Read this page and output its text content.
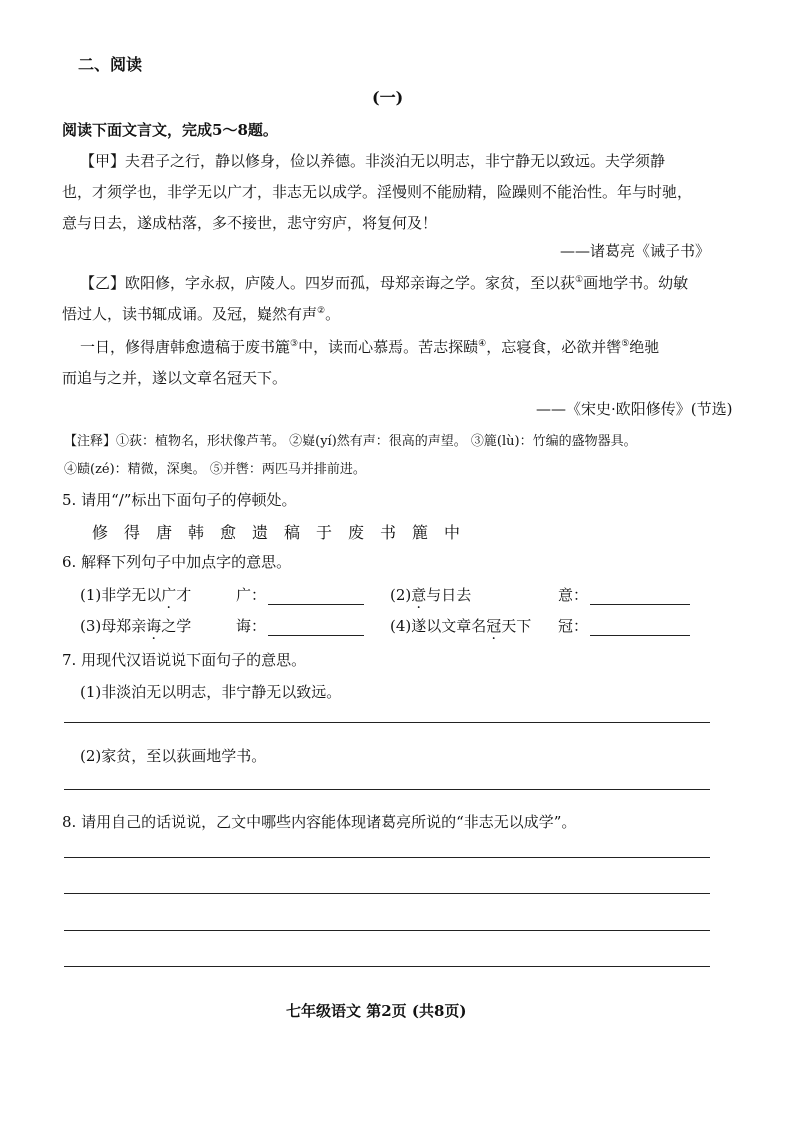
二、阅读
(一)
阅读下面文言文，完成5～8题。
【甲】夫君子之行，静以修身，俭以养德。非淡泊无以明志，非宁静无以致远。夫学须静
也，才须学也，非学无以广才，非志无以成学。淫慢则不能励精，险躁则不能治性。年与时驰，
意与日去，遂成枯落，多不接世，悲守穷庐，将复何及！
——诸葛亮《诫子书》
【乙】欧阳修，字永叔，庐陵人。四岁而孤，母郑亲诲之学。家贫，至以荻①画地学书。幼敏
悟过人，读书辄成诵。及冠，嶷然有声②。
一日，修得唐韩愈遗稿于废书簏③中，读而心慕焉。苦志探赜④，忘寝食，必欲并辔⑤绝驰
而追与之并，遂以文章名冠天下。
——《宋史·欧阳修传》(节选)
【注释】①荻：植物名，形状像芦苇。 ②嶷(yí)然有声：很高的声望。 ③簏(lù)：竹编的盛物器具。
④赜(zé)：精微，深奥。 ⑤并辔：两匹马并排前进。
5. 请用“/”标出下面句子的停顿处。
修得唐韩愈遗稿于废书簏中
6. 解释下列句子中加点字的意思。
(1)非学无以广才	广：	(2)意与日去	意：
(3)母郑亲诲之学	诲：	(4)遂以文章名冠天下 冠：
7. 用现代汉语说说下面句子的意思。
(1)非淡泊无以明志，非宁静无以致远。
(2)家贫，至以荻画地学书。
8. 请用自己的话说说，乙文中哪些内容能体现诸葛亮所说的“非志无以成学”。
七年级语文 第2页 (共8页)
